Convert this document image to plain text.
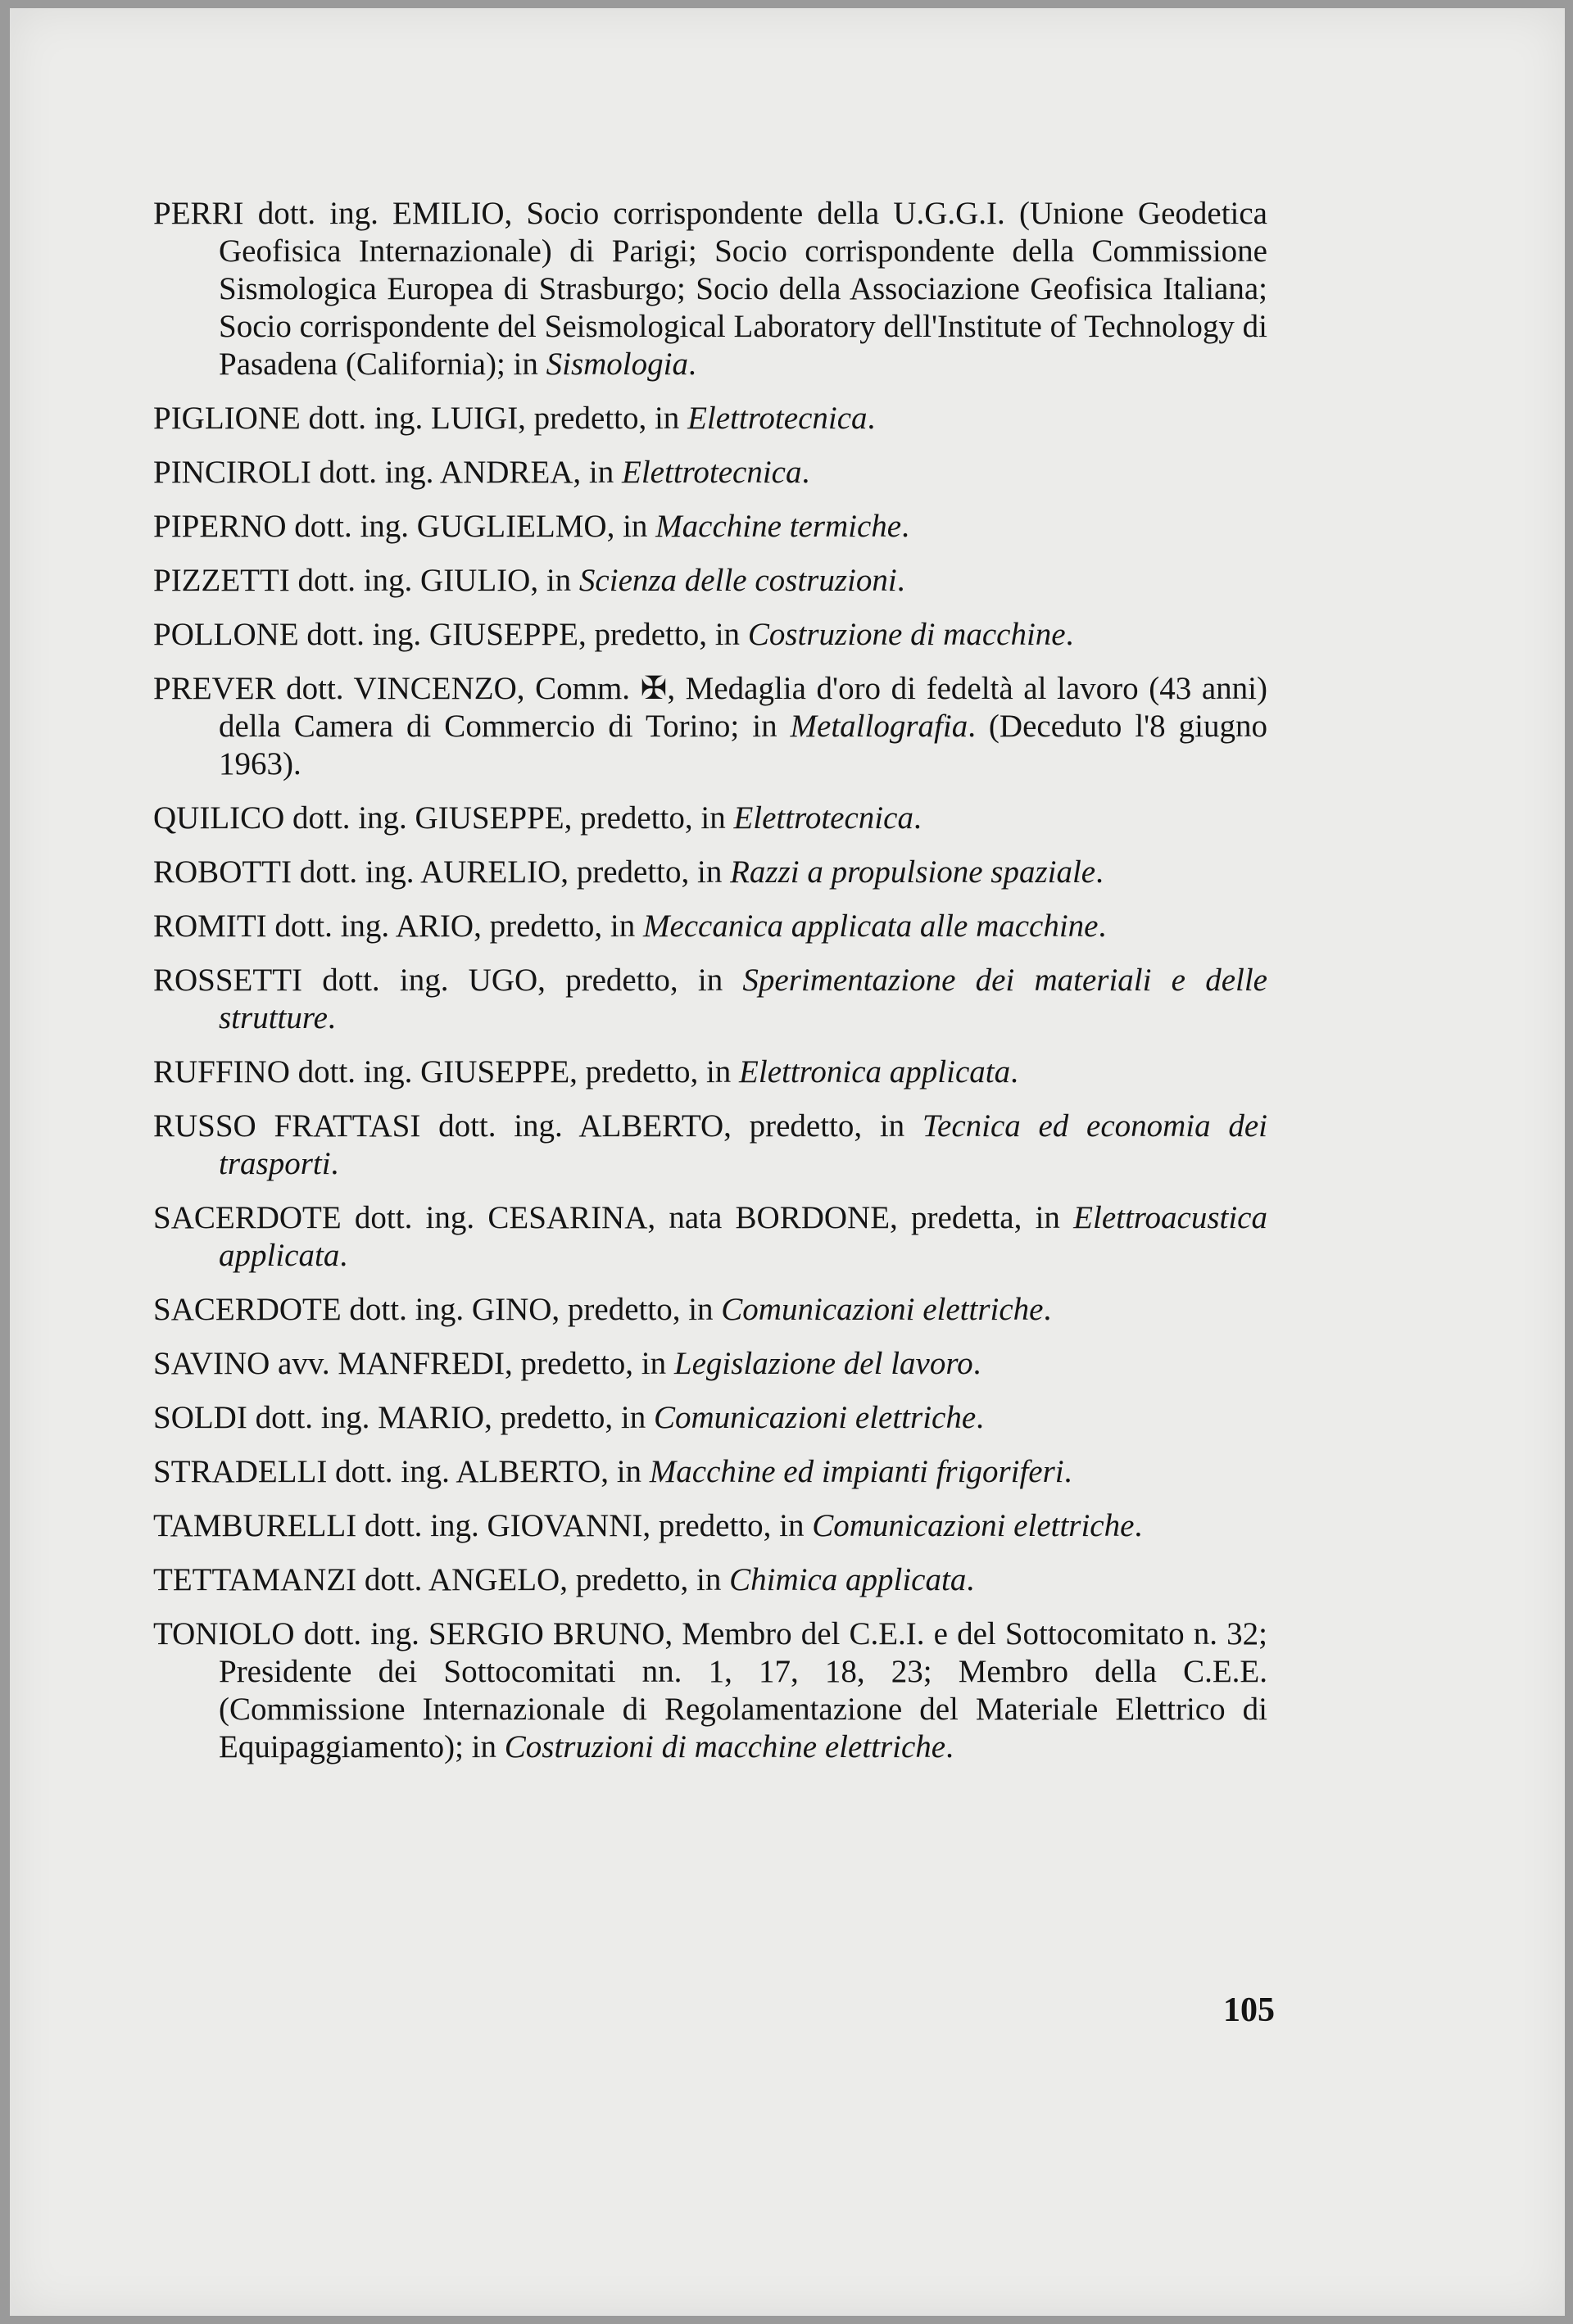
PERRI dott. ing. EMILIO, Socio corrispondente della U.G.G.I. (Unione Geodetica Geofisica Internazionale) di Parigi; Socio corrispondente della Commissione Sismologica Europea di Strasburgo; Socio della Associazione Geofisica Italiana; Socio corrispondente del Seismological Laboratory dell'Institute of Technology di Pasadena (California); in Sismologia.

PIGLIONE dott. ing. LUIGI, predetto, in Elettrotecnica.

PINCIROLI dott. ing. ANDREA, in Elettrotecnica.

PIPERNO dott. ing. GUGLIELMO, in Macchine termiche.

PIZZETTI dott. ing. GIULIO, in Scienza delle costruzioni.

POLLONE dott. ing. GIUSEPPE, predetto, in Costruzione di macchine.

PREVER dott. VINCENZO, Comm. ✠, Medaglia d'oro di fedeltà al lavoro (43 anni) della Camera di Commercio di Torino; in Metallografia. (Deceduto l'8 giugno 1963).

QUILICO dott. ing. GIUSEPPE, predetto, in Elettrotecnica.

ROBOTTI dott. ing. AURELIO, predetto, in Razzi a propulsione spaziale.

ROMITI dott. ing. ARIO, predetto, in Meccanica applicata alle macchine.

ROSSETTI dott. ing. UGO, predetto, in Sperimentazione dei materiali e delle strutture.

RUFFINO dott. ing. GIUSEPPE, predetto, in Elettronica applicata.

RUSSO FRATTASI dott. ing. ALBERTO, predetto, in Tecnica ed economia dei trasporti.

SACERDOTE dott. ing. CESARINA, nata BORDONE, predetta, in Elettroacustica applicata.

SACERDOTE dott. ing. GINO, predetto, in Comunicazioni elettriche.

SAVINO avv. MANFREDI, predetto, in Legislazione del lavoro.

SOLDI dott. ing. MARIO, predetto, in Comunicazioni elettriche.

STRADELLI dott. ing. ALBERTO, in Macchine ed impianti frigoriferi.

TAMBURELLI dott. ing. GIOVANNI, predetto, in Comunicazioni elettriche.

TETTAMANZI dott. ANGELO, predetto, in Chimica applicata.

TONIOLO dott. ing. SERGIO BRUNO, Membro del C.E.I. e del Sottocomitato n. 32; Presidente dei Sottocomitati nn. 1, 17, 18, 23; Membro della C.E.E. (Commissione Internazionale di Regolamentazione del Materiale Elettrico di Equipaggiamento); in Costruzioni di macchine elettriche.

105
